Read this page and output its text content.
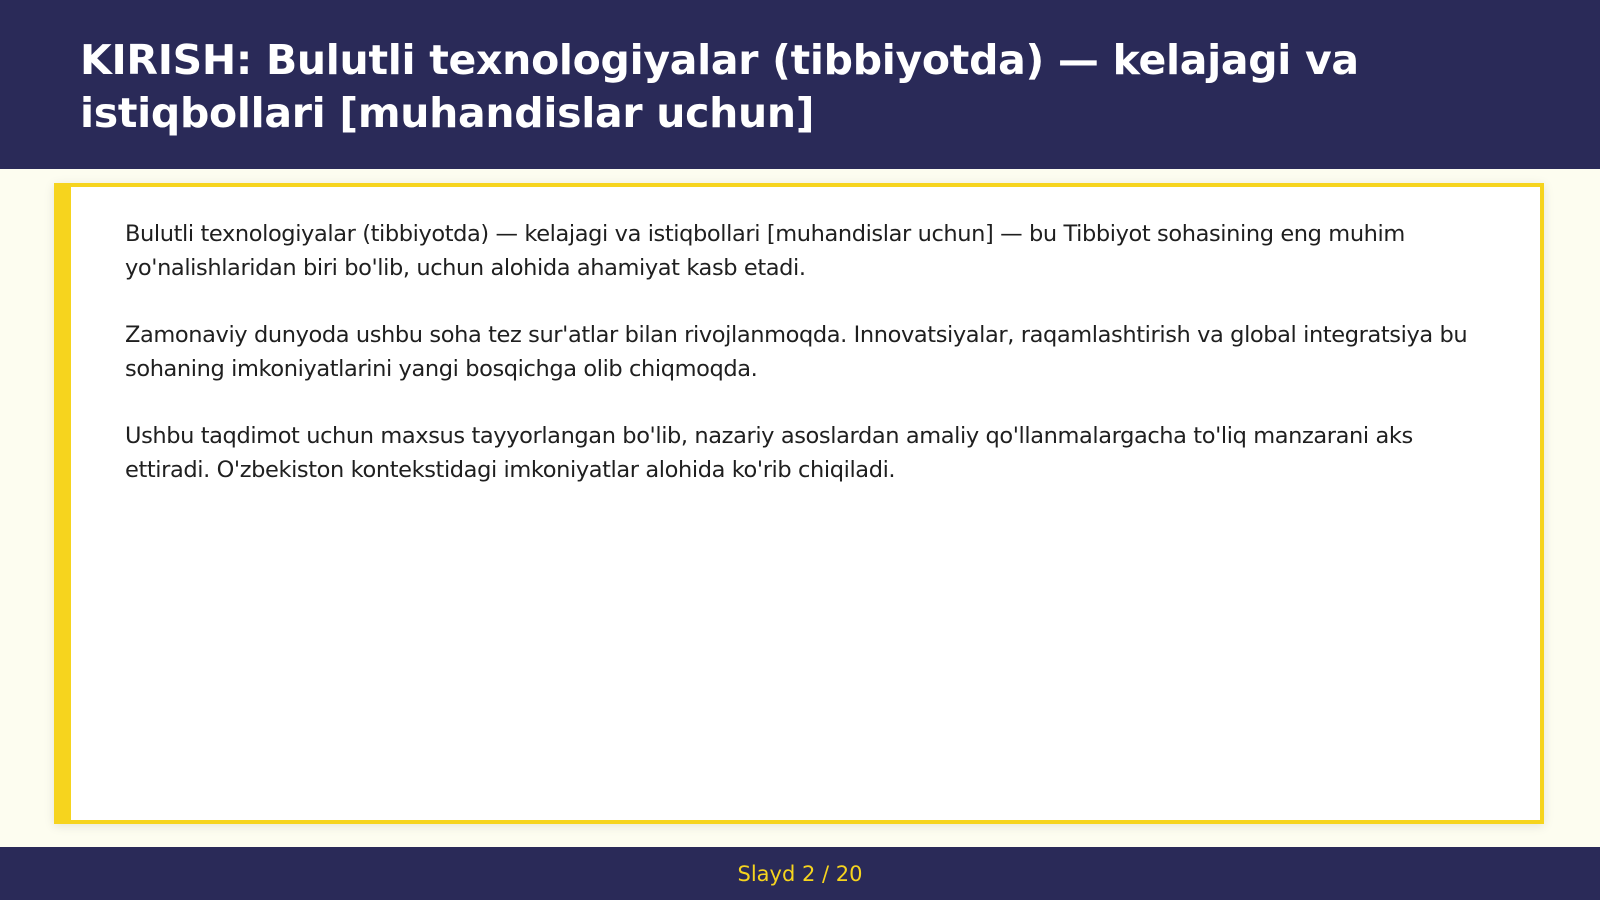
KIRISH: Bulutli texnologiyalar (tibbiyotda) — kelajagi va istiqbollari [muhandislar uchun]

Bulutli texnologiyalar (tibbiyotda) — kelajagi va istiqbollari [muhandislar uchun] — bu Tibbiyot sohasining eng muhim yo'nalishlaridan biri bo'lib, uchun alohida ahamiyat kasb etadi.

Zamonaviy dunyoda ushbu soha tez sur'atlar bilan rivojlanmoqda. Innovatsiyalar, raqamlashtirish va global integratsiya bu sohaning imkoniyatlarini yangi bosqichga olib chiqmoqda.

Ushbu taqdimot uchun maxsus tayyorlangan bo'lib, nazariy asoslardan amaliy qo'llanmalargacha to'liq manzarani aks ettiradi. O'zbekiston kontekstidagi imkoniyatlar alohida ko'rib chiqiladi.

Slayd 2 / 20
